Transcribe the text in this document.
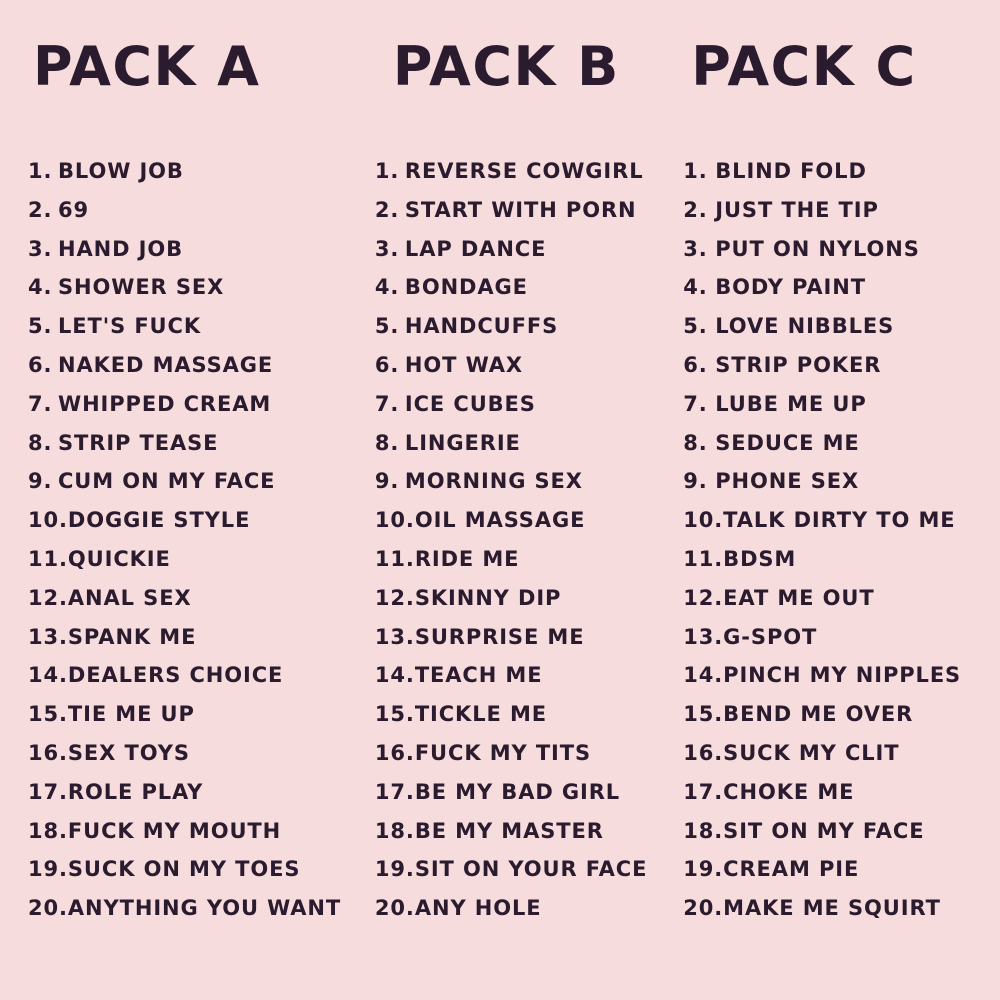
PACK A
1. BLOW JOB
2. 69
3. HAND JOB
4. SHOWER SEX
5. LET'S FUCK
6. NAKED MASSAGE
7. WHIPPED CREAM
8. STRIP TEASE
9. CUM ON MY FACE
10.DOGGIE STYLE
11.QUICKIE
12.ANAL SEX
13.SPANK ME
14.DEALERS CHOICE
15.TIE ME UP
16.SEX TOYS
17.ROLE PLAY
18.FUCK MY MOUTH
19.SUCK ON MY TOES
20.ANYTHING YOU WANT
PACK B
1. REVERSE COWGIRL
2. START WITH PORN
3. LAP DANCE
4. BONDAGE
5. HANDCUFFS
6. HOT WAX
7. ICE CUBES
8. LINGERIE
9. MORNING SEX
10.OIL MASSAGE
11.RIDE ME
12.SKINNY DIP
13.SURPRISE ME
14.TEACH ME
15.TICKLE ME
16.FUCK MY TITS
17.BE MY BAD GIRL
18.BE MY MASTER
19.SIT ON YOUR FACE
20.ANY HOLE
PACK C
1. BLIND FOLD
2. JUST THE TIP
3. PUT ON NYLONS
4. BODY PAINT
5. LOVE NIBBLES
6. STRIP POKER
7. LUBE ME UP
8. SEDUCE ME
9. PHONE SEX
10.TALK DIRTY TO ME
11.BDSM
12.EAT ME OUT
13.G-SPOT
14.PINCH MY NIPPLES
15.BEND ME OVER
16.SUCK MY CLIT
17.CHOKE ME
18.SIT ON MY FACE
19.CREAM PIE
20.MAKE ME SQUIRT
